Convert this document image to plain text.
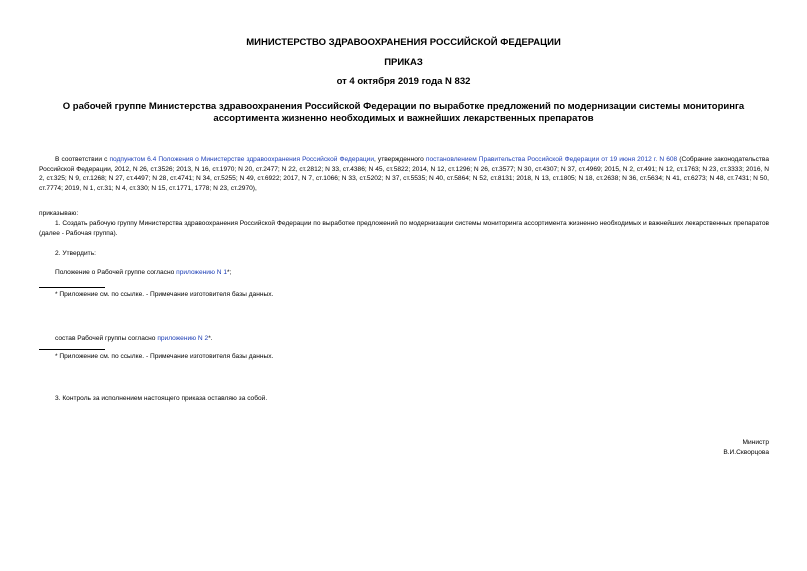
МИНИСТЕРСТВО ЗДРАВООХРАНЕНИЯ РОССИЙСКОЙ ФЕДЕРАЦИИ
ПРИКАЗ
от 4 октября 2019 года N 832
О рабочей группе Министерства здравоохранения Российской Федерации по выработке предложений по модернизации системы мониторинга ассортимента жизненно необходимых и важнейших лекарственных препаратов
В соответствии с подпунктом 6.4 Положения о Министерстве здравоохранения Российской Федерации, утвержденного постановлением Правительства Российской Федерации от 19 июня 2012 г. N 608 (Собрание законодательства Российской Федерации, 2012, N 26, ст.3526; 2013, N 16, ст.1970; N 20, ст.2477; N 22, ст.2812; N 33, ст.4386; N 45, ст.5822; 2014, N 12, ст.1296; N 26, ст.3577; N 30, ст.4307; N 37, ст.4969; 2015, N 2, ст.491; N 12, ст.1763; N 23, ст.3333; 2016, N 2, ст.325; N 9, ст.1268; N 27, ст.4497; N 28, ст.4741; N 34, ст.5255; N 49, ст.6922; 2017, N 7, ст.1066; N 33, ст.5202; N 37, ст.5535; N 40, ст.5864; N 52, ст.8131; 2018, N 13, ст.1805; N 18, ст.2638; N 36, ст.5634; N 41, ст.6273; N 48, ст.7431; N 50, ст.7774; 2019, N 1, ст.31; N 4, ст.330; N 15, ст.1771, 1778; N 23, ст.2970),
приказываю:
1. Создать рабочую группу Министерства здравоохранения Российской Федерации по выработке предложений по модернизации системы мониторинга ассортимента жизненно необходимых и важнейших лекарственных препаратов (далее - Рабочая группа).
2. Утвердить:
Положение о Рабочей группе согласно приложению N 1*;
* Приложение см. по ссылке. - Примечание изготовителя базы данных.
состав Рабочей группы согласно приложению N 2*.
* Приложение см. по ссылке. - Примечание изготовителя базы данных.
3. Контроль за исполнением настоящего приказа оставляю за собой.
Министр
В.И.Скворцова
